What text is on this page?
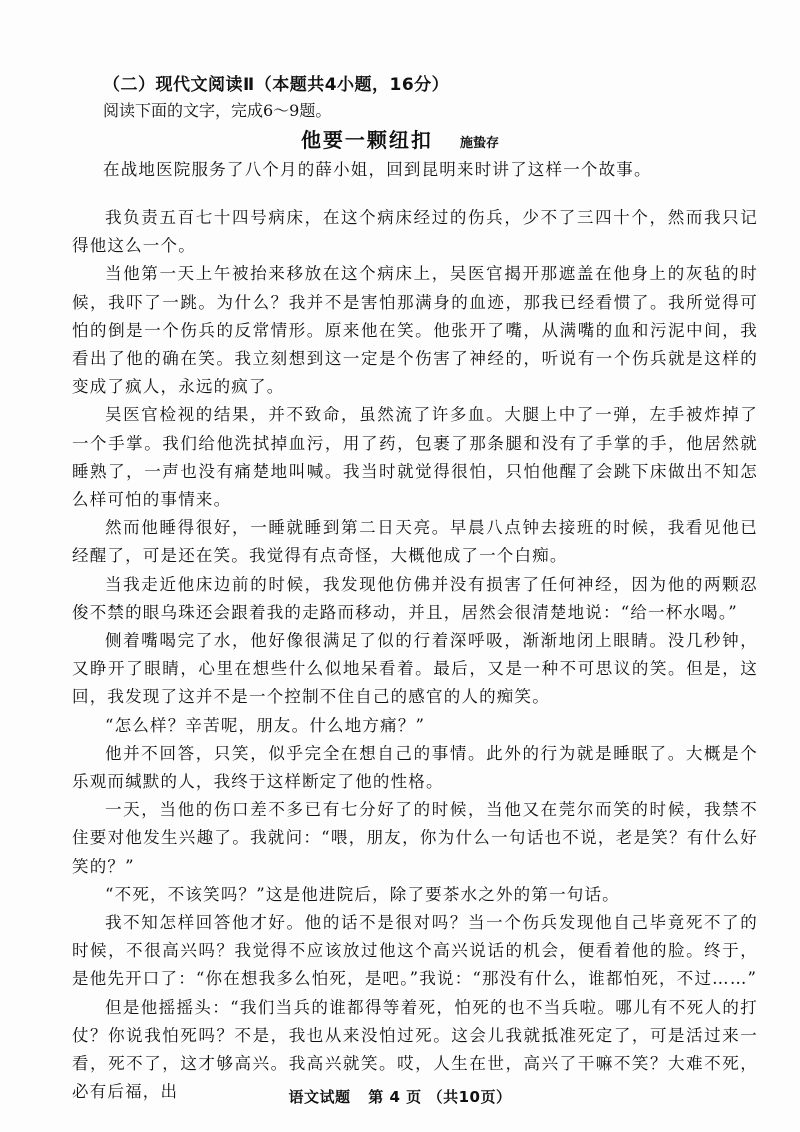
（二）现代文阅读Ⅱ（本题共4小题，16分）
阅读下面的文字，完成6～9题。
他要一颗纽扣 施蛰存
在战地医院服务了八个月的薛小姐，回到昆明来时讲了这样一个故事。

我负责五百七十四号病床，在这个病床经过的伤兵，少不了三四十个，然而我只记得他这么一个。

当他第一天上午被抬来移放在这个病床上，吴医官揭开那遮盖在他身上的灰毡的时候，我吓了一跳。为什么？我并不是害怕那满身的血迹，那我已经看惯了。我所觉得可怕的倒是一个伤兵的反常情形。原来他在笑。他张开了嘴，从满嘴的血和污泥中间，我看出了他的确在笑。我立刻想到这一定是个伤害了神经的，听说有一个伤兵就是这样的变成了疯人，永远的疯了。

吴医官检视的结果，并不致命，虽然流了许多血。大腿上中了一弹，左手被炸掉了一个手掌。我们给他洗拭掉血污，用了药，包裹了那条腿和没有了手掌的手，他居然就睡熟了，一声也没有痛楚地叫喊。我当时就觉得很怕，只怕他醒了会跳下床做出不知怎么样可怕的事情来。

然而他睡得很好，一睡就睡到第二日天亮。早晨八点钟去接班的时候，我看见他已经醒了，可是还在笑。我觉得有点奇怪，大概他成了一个白痴。

当我走近他床边前的时候，我发现他仿佛并没有损害了任何神经，因为他的两颗忍俊不禁的眼乌珠还会跟着我的走路而移动，并且，居然会很清楚地说：“给一杯水喝。”

侧着嘴喝完了水，他好像很满足了似的行着深呼吸，渐渐地闭上眼睛。没几秒钟，又睁开了眼睛，心里在想些什么似地呆看着。最后，又是一种不可思议的笑。但是，这回，我发现了这并不是一个控制不住自己的感官的人的痴笑。

“怎么样？辛苦呢，朋友。什么地方痛？”

他并不回答，只笑，似乎完全在想自己的事情。此外的行为就是睡眠了。大概是个乐观而缄默的人，我终于这样断定了他的性格。

一天，当他的伤口差不多已有七分好了的时候，当他又在莞尔而笑的时候，我禁不住要对他发生兴趣了。我就问：“喂，朋友，你为什么一句话也不说，老是笑？有什么好笑的？”

“不死，不该笑吗？”这是他进院后，除了要茶水之外的第一句话。

我不知怎样回答他才好。他的话不是很对吗？当一个伤兵发现他自己毕竟死不了的时候，不很高兴吗？我觉得不应该放过他这个高兴说话的机会，便看着他的脸。终于，是他先开口了：“你在想我多么怕死，是吧。”我说：“那没有什么，谁都怕死，不过……”

但是他摇摇头：“我们当兵的谁都得等着死，怕死的也不当兵啦。哪儿有不死人的打仗？你说我怕死吗？不是，我也从来没怕过死。这会儿我就抵准死定了，可是活过来一看，死不了，这才够高兴。我高兴就笑。哎，人生在世，高兴了干嘛不笑？大难不死，必有后福，出	语文试题 第 4 页 （共10页）
